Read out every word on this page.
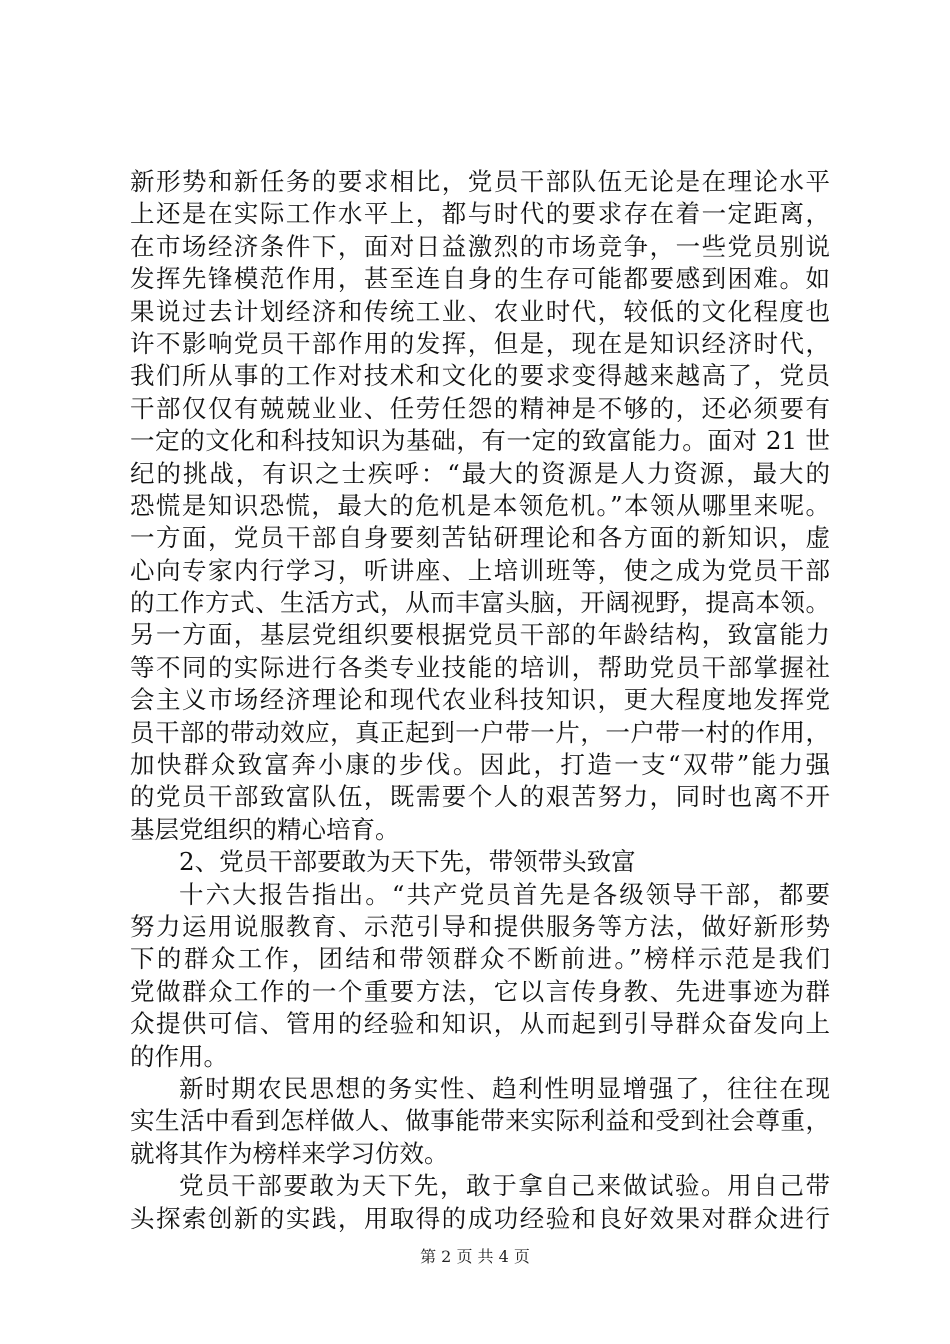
新形势和新任务的要求相比，党员干部队伍无论是在理论水平
上还是在实际工作水平上，都与时代的要求存在着一定距离，
在市场经济条件下，面对日益激烈的市场竞争，一些党员别说
发挥先锋模范作用，甚至连自身的生存可能都要感到困难。如
果说过去计划经济和传统工业、农业时代，较低的文化程度也
许不影响党员干部作用的发挥，但是，现在是知识经济时代，
我们所从事的工作对技术和文化的要求变得越来越高了，党员
干部仅仅有兢兢业业、任劳任怨的精神是不够的，还必须要有
一定的文化和科技知识为基础，有一定的致富能力。面对 21 世
纪的挑战，有识之士疾呼：“最大的资源是人力资源，最大的
恐慌是知识恐慌，最大的危机是本领危机。”本领从哪里来呢。
一方面，党员干部自身要刻苦钻研理论和各方面的新知识，虚
心向专家内行学习，听讲座、上培训班等，使之成为党员干部
的工作方式、生活方式，从而丰富头脑，开阔视野，提高本领。
另一方面，基层党组织要根据党员干部的年龄结构，致富能力
等不同的实际进行各类专业技能的培训，帮助党员干部掌握社
会主义市场经济理论和现代农业科技知识，更大程度地发挥党
员干部的带动效应，真正起到一户带一片，一户带一村的作用，
加快群众致富奔小康的步伐。因此，打造一支“双带”能力强
的党员干部致富队伍，既需要个人的艰苦努力，同时也离不开
基层党组织的精心培育。
2、党员干部要敢为天下先，带领带头致富
十六大报告指出。“共产党员首先是各级领导干部，都要
努力运用说服教育、示范引导和提供服务等方法，做好新形势
下的群众工作，团结和带领群众不断前进。”榜样示范是我们
党做群众工作的一个重要方法，它以言传身教、先进事迹为群
众提供可信、管用的经验和知识，从而起到引导群众奋发向上
的作用。
新时期农民思想的务实性、趋利性明显增强了，往往在现
实生活中看到怎样做人、做事能带来实际利益和受到社会尊重，
就将其作为榜样来学习仿效。
党员干部要敢为天下先，敢于拿自己来做试验。用自己带
头探索创新的实践，用取得的成功经验和良好效果对群众进行
第 2 页 共 4 页
